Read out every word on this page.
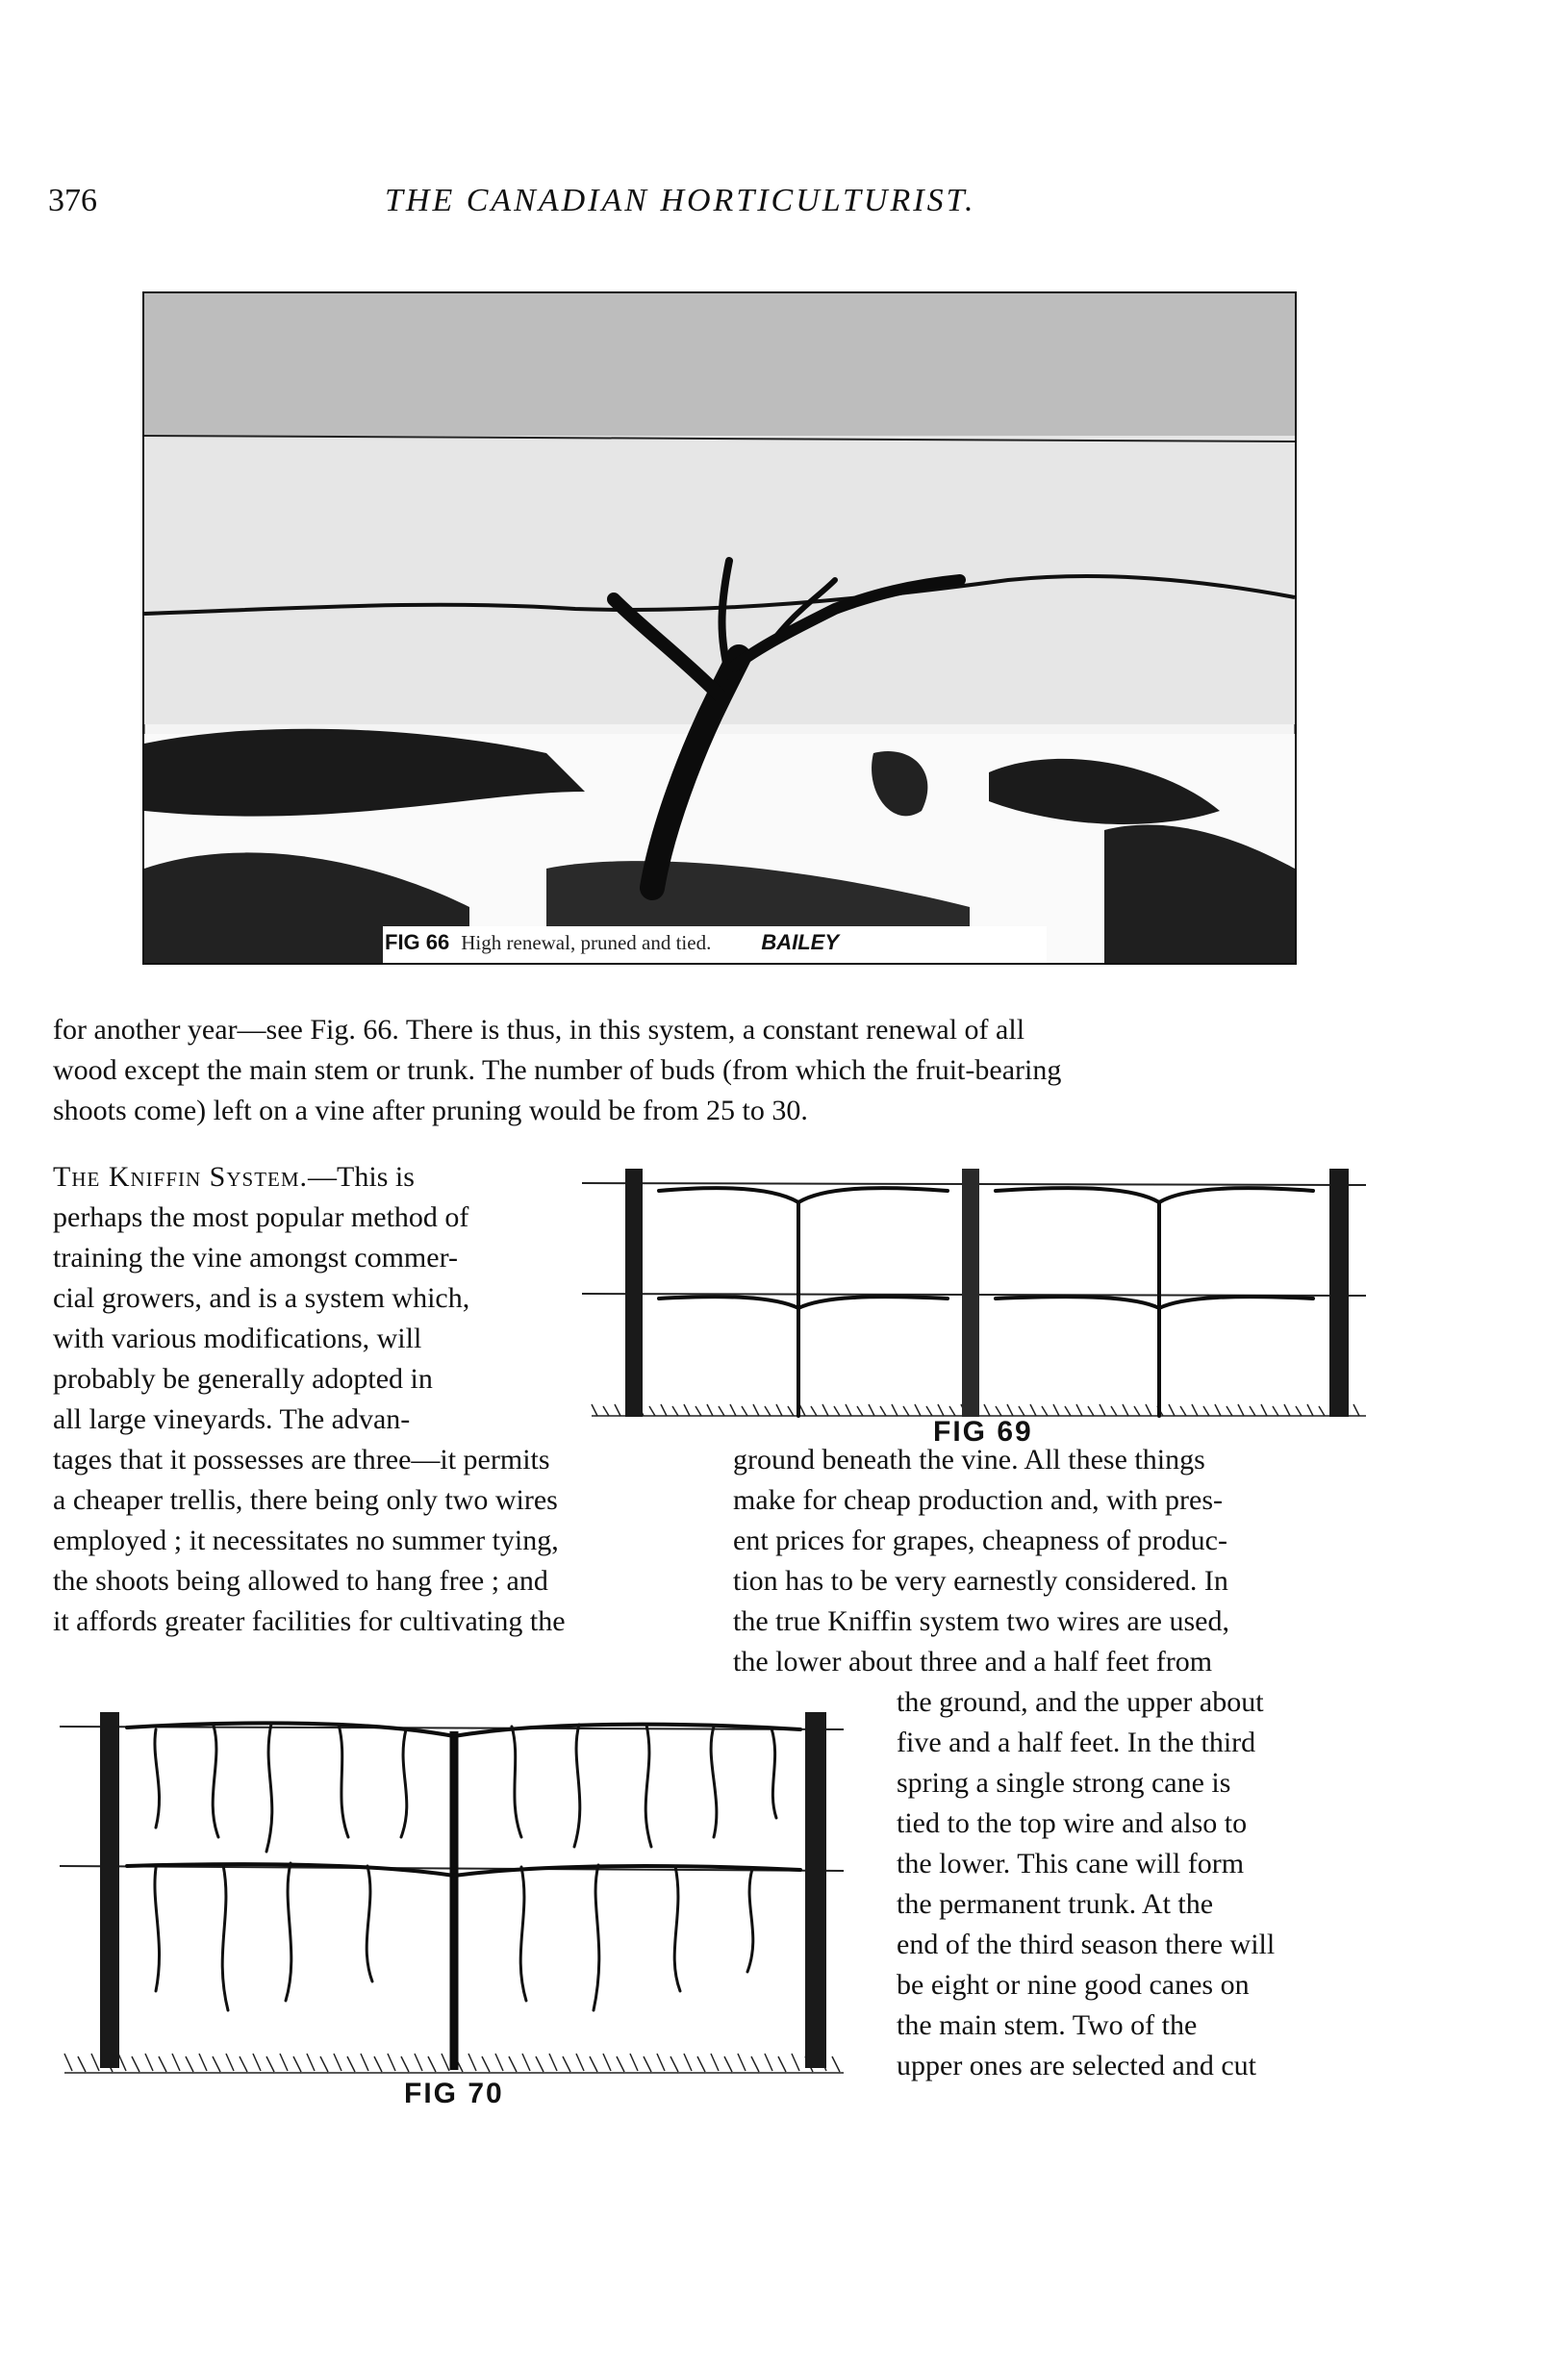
376	THE CANADIAN HORTICULTURIST.
FIG 66 High renewal, pruned and tied. BAILEY
for another year—see Fig. 66. There is thus, in this system, a constant renewal of all
wood except the main stem or trunk. The number of buds (from which the fruit-bearing
shoots come) left on a vine after pruning would be from 25 to 30.
FIG 69
The Kniffin System.—This is
perhaps the most popular method of
training the vine amongst commer-
cial growers, and is a system which,
with various modifications, will
probably be generally adopted in
all large vineyards. The advan-
tages that it possesses are three—it permits
a cheaper trellis, there being only two wires
employed ; it necessitates no summer tying,
the shoots being allowed to hang free ; and
it affords greater facilities for cultivating the
ground beneath the vine. All these things
make for cheap production and, with pres-
ent prices for grapes, cheapness of produc-
tion has to be very earnestly considered. In
the true Kniffin system two wires are used,
the lower about three and a half feet from
FIG 70
the ground, and the upper about
five and a half feet. In the third
spring a single strong cane is
tied to the top wire and also to
the lower. This cane will form
the permanent trunk. At the
end of the third season there will
be eight or nine good canes on
the main stem. Two of the
upper ones are selected and cut
